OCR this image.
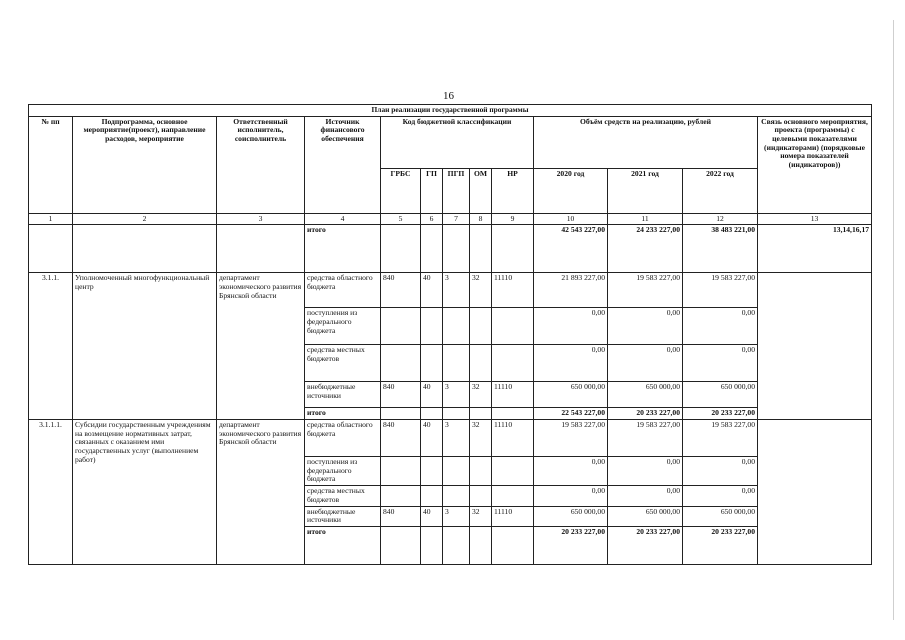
16
План реализации государственной программы												
№ пп	Подпрограмма, основное мероприятие(проект), направление расходов, мероприятие	Ответственный исполнитель, соисполнитель	Источник финансового обеспечения	Код бюджетной классификации					Объём средств на реализацию, рублей			Связь основного мероприятия, проекта (программы) с целевыми показателями (индикаторами) (порядковые номера показателей (индикаторов))
				ГРБС	ГП	ПГП	ОМ	НР	2020 год	2021 год	2022 год	
1	2	3	4	5	6	7	8	9	10	11	12	13
			итого						42 543 227,00	24 233 227,00	38 483 221,00	13,14,16,17
3.1.1.	Уполномоченный многофункциональный центр	департамент экономического развития Брянской области	средства областного бюджета	840	40	3	32	11110	21 893 227,00	19 583 227,00	19 583 227,00	
			поступления из федерального бюджета						0,00	0,00	0,00	
			средства местных бюджетов						0,00	0,00	0,00	
			внебюджетные источники	840	40	3	32	11110	650 000,00	650 000,00	650 000,00	
			итого						22 543 227,00	20 233 227,00	20 233 227,00	
3.1.1.1.	Субсидии государственным учреждениям на возмещение нормативных затрат, связанных с оказанием ими государственных услуг (выполнением работ)	департамент экономического развития Брянской области	средства областного бюджета	840	40	3	32	11110	19 583 227,00	19 583 227,00	19 583 227,00	
			поступления из федерального бюджета						0,00	0,00	0,00	
			средства местных бюджетов						0,00	0,00	0,00	
			внебюджетные источники	840	40	3	32	11110	650 000,00	650 000,00	650 000,00	
			итого						20 233 227,00	20 233 227,00	20 233 227,00	
